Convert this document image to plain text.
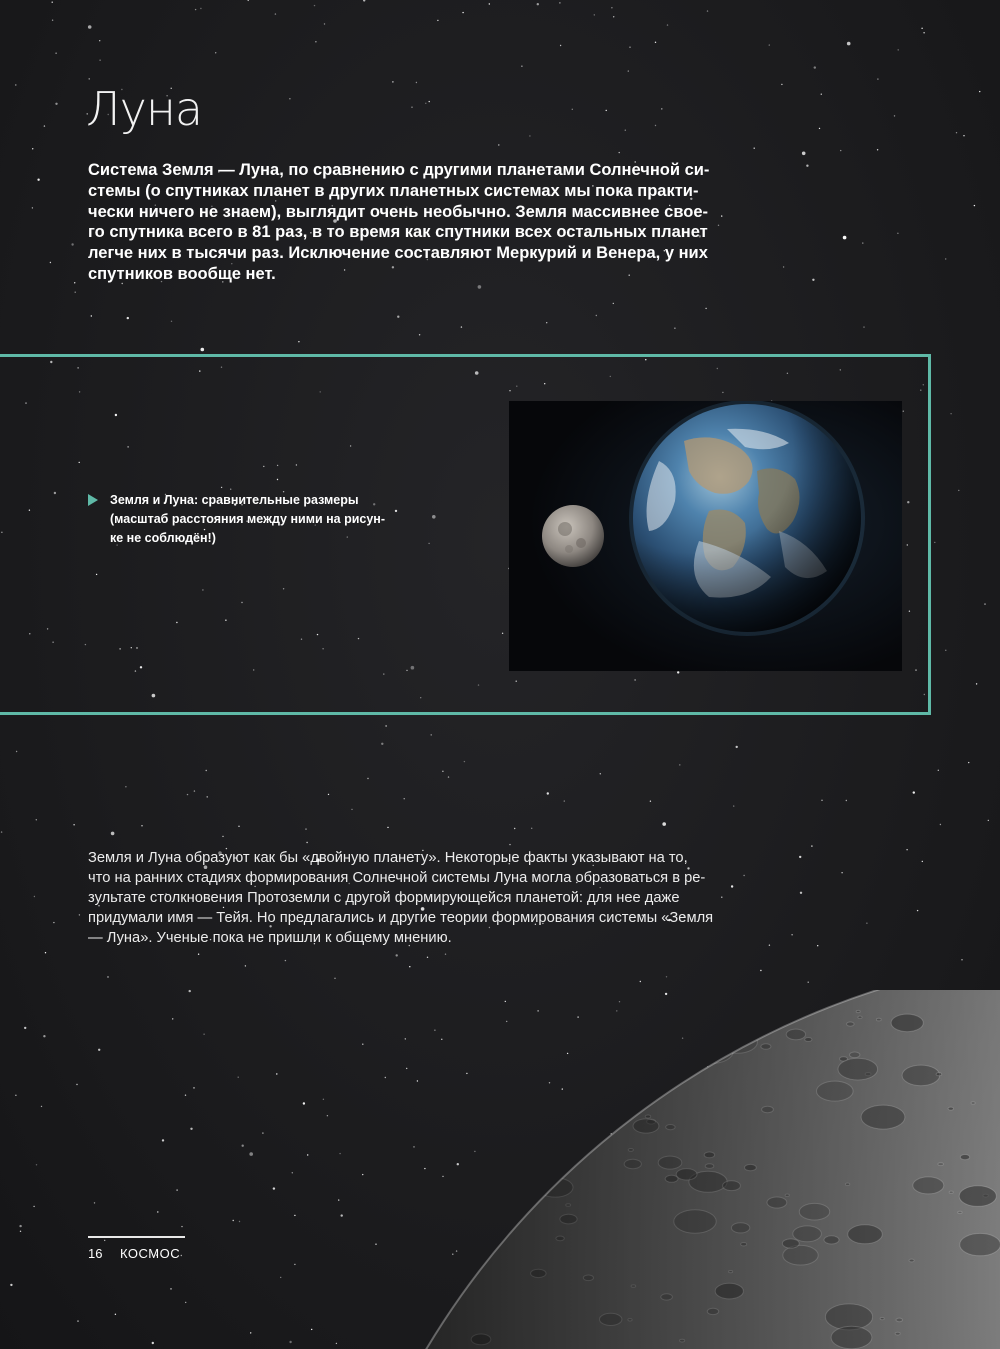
Луна

Система Земля — Луна, по сравнению с другими планетами Солнечной си-
стемы (о спутниках планет в других планетных системах мы пока практи-
чески ничего не знаем), выглядит очень необычно. Земля массивнее свое-
го спутника всего в 81 раз, в то время как спутники всех остальных планет
легче них в тысячи раз. Исключение составляют Меркурий и Венера, у них
спутников вообще нет.

Земля и Луна: сравнительные размеры
(масштаб расстояния между ними на рисун-
ке не соблюдён!)

Земля и Луна образуют как бы «двойную планету». Некоторые факты указывают на то,
что на ранних стадиях формирования Солнечной системы Луна могла образоваться в ре-
зультате столкновения Протоземли с другой формирующейся планетой: для нее даже
придумали имя — Тейя. Но предлагались и другие теории формирования системы «Земля
— Луна». Ученые пока не пришли к общему мнению.

16 КОСМОС
